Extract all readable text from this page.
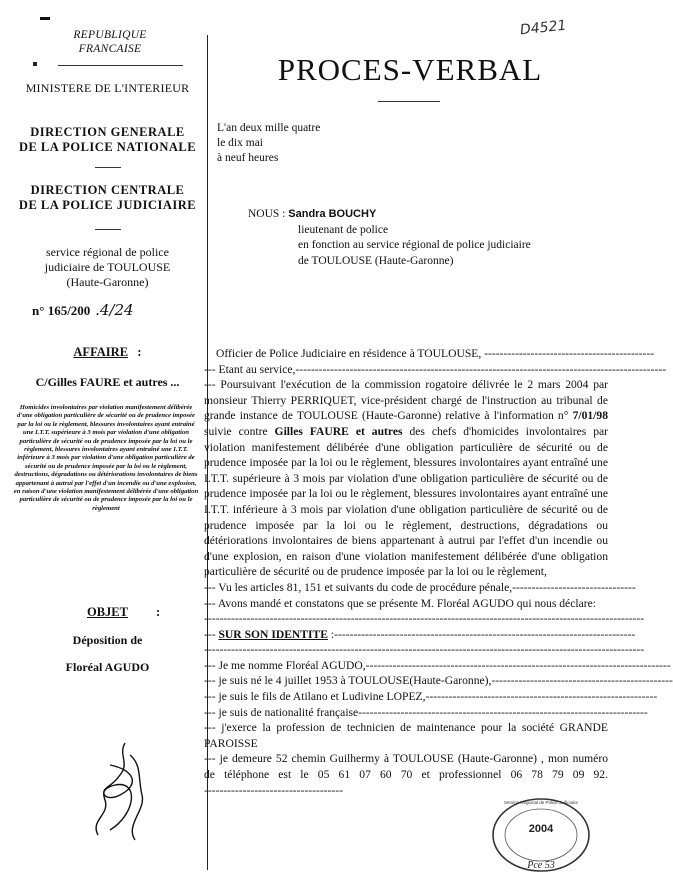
▬
REPUBLIQUE
FRANCAISE
MINISTERE DE L'INTERIEUR
DIRECTION GENERALE
DE LA POLICE NATIONALE
DIRECTION CENTRALE
DE LA POLICE JUDICIAIRE
service régional de police
judiciaire de TOULOUSE
(Haute-Garonne)
n° 165/200 .4/24
AFFAIRE :
C/Gilles FAURE et autres ...
Homicides involontaires par violation manifestement délibérée d'une obligation particulière de sécurité ou de prudence imposée par la loi ou le règlement, blessures involontaires ayant entraîné une I.T.T. supérieure à 3 mois par violation d'une obligation particulière de sécurité ou de prudence imposée par la loi ou le règlement, blessures involontaires ayant entraîné une I.T.T. inférieure à 3 mois par violation d'une obligation particulière de sécurité ou de prudence imposée par la loi ou le règlement, destructions, dégradations ou détériorations involontaires de biens appartenant à autrui par l'effet d'un incendie ou d'une explosion, en raison d'une violation manifestement délibérée d'une obligation particulière de sécurité ou de prudence imposée par la loi ou le règlement
OBJET	:
Déposition de
Floréal AGUDO
D4521
PROCES-VERBAL
L'an deux mille quatre
le dix mai
à neuf heures
NOUS : Sandra BOUCHY
lieutenant de police
en fonction au service régional de police judiciaire
de TOULOUSE (Haute-Garonne)

Officier de Police Judiciaire en résidence à TOULOUSE, --------------------------------------------

--- Etant au service,------------------------------------------------------------------------------------------------

--- Poursuivant l'exécution de la commission rogatoire délivrée le 2 mars 2004 par monsieur Thierry PERRIQUET, vice-président chargé de l'instruction au tribunal de grande instance de TOULOUSE (Haute-Garonne) relative à l'information n° 7/01/98 suivie contre Gilles FAURE et autres des chefs d'homicides involontaires par violation manifestement délibérée d'une obligation particulière de sécurité ou de prudence imposée par la loi ou le règlement, blessures involontaires ayant entraîné une I.T.T. supérieure à 3 mois par violation d'une obligation particulière de sécurité ou de prudence imposée par la loi ou le règlement, blessures involontaires ayant entraîné une I.T.T. inférieure à 3 mois par violation d'une obligation particulière de sécurité ou de prudence imposée par la loi ou le règlement, destructions, dégradations ou détériorations involontaires de biens appartenant à autrui par l'effet d'un incendie ou d'une explosion, en raison d'une violation manifestement délibérée d'une obligation particulière de sécurité ou de prudence imposée par la loi ou le règlement,

--- Vu les articles 81, 151 et suivants du code de procédure pénale,--------------------------------

--- Avons mandé et constatons que se présente M. Floréal AGUDO qui nous déclare:

------------------------------------------------------------------------------------------------------------------

--- SUR SON IDENTITE :------------------------------------------------------------------------------

------------------------------------------------------------------------------------------------------------------

--- Je me nomme Floréal AGUDO,-------------------------------------------------------------------------------

--- je suis né le 4 juillet 1953 à TOULOUSE(Haute-Garonne),-----------------------------------------------

--- je suis le fils de Atilano et Ludivine LOPEZ,------------------------------------------------------------

--- je suis de nationalité française---------------------------------------------------------------------------

--- j'exerce la profession de technicien de maintenance pour la société GRANDE PAROISSE

--- je demeure 52 chemin Guilhermy à TOULOUSE (Haute-Garonne) , mon numéro de téléphone est le 05 61 07 60 70 et professionnel 06 78 79 09 92. ------------------------------------

2004
Pce 53
Service Régional de Police Judiciaire
